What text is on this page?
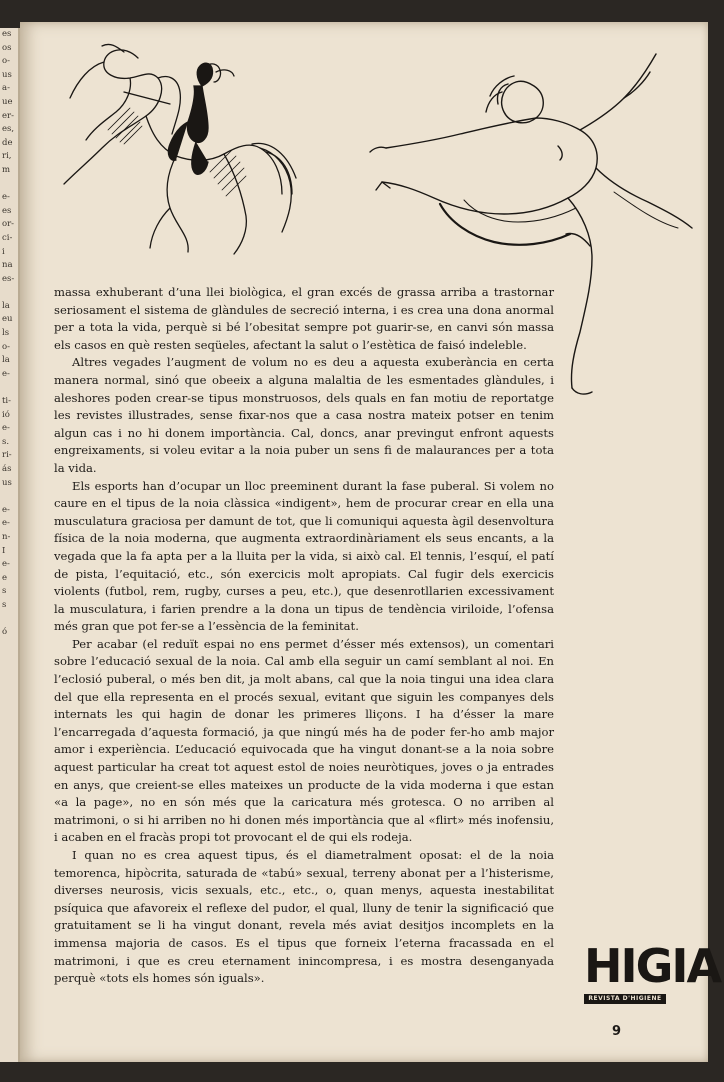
es
os
o-
us
a-
ue
er-
es,
de
ri,
m

e-
es
or-
ci-
i
na
es-

la
eu
ls
o-
la
e-

ti-
ió
e-
s.
ri-
ás
us

e-
e-
n-
I
e-
e
s
s

ó

massa exhuberant d’una llei biològica, el gran excés de grassa arriba a trastornar seriosament el sistema de glàndules de secreció interna, i es crea una dona anormal per a tota la vida, perquè si bé l’obesitat sempre pot guarir-se, en canvi són massa els casos en què resten seqüeles, afectant la salut o l’estètica de faisó indeleble.

Altres vegades l’augment de volum no es deu a aquesta exuberància en certa manera normal, sinó que obeeix a alguna malaltia de les esmentades glàndules, i aleshores poden crear-se tipus monstruosos, dels quals en fan motiu de reportatge les revistes illustrades, sense fixar-nos que a casa nostra mateix potser en tenim algun cas i no hi donem importància. Cal, doncs, anar previngut enfront aquests engreixaments, si voleu evitar a la noia puber un sens fi de malaurances per a tota la vida.

Els esports han d’ocupar un lloc preeminent durant la fase puberal. Si volem no caure en el tipus de la noia clàssica «indigent», hem de procurar crear en ella una musculatura graciosa per damunt de tot, que li comuniqui aquesta àgil desenvoltura física de la noia moderna, que augmenta extraordinàriament els seus encants, a la vegada que la fa apta per a la lluita per la vida, si això cal. El tennis, l’esquí, el patí de pista, l’equitació, etc., són exercicis molt apropiats. Cal fugir dels exercicis violents (futbol, rem, rugby, curses a peu, etc.), que desenrotllarien excessivament la musculatura, i farien prendre a la dona un tipus de tendència viriloide, l’ofensa més gran que pot fer-se a l’essència de la feminitat.

Per acabar (el reduït espai no ens permet d’ésser més extensos), un comentari sobre l’educació sexual de la noia. Cal amb ella seguir un camí semblant al noi. En l’eclosió puberal, o més ben dit, ja molt abans, cal que la noia tingui una idea clara del que ella representa en el procés sexual, evitant que siguin les companyes dels internats les qui hagin de donar les primeres lliçons. I ha d’ésser la mare l’encarregada d’aquesta formació, ja que ningú més ha de poder fer-ho amb major amor i experiència. L’educació equivocada que ha vingut donant-se a la noia sobre aquest particular ha creat tot aquest estol de noies neuròtiques, joves o ja entrades en anys, que creient-se elles mateixes un producte de la vida moderna i que estan «a la page», no en són més que la caricatura més grotesca. O no arriben al matrimoni, o si hi arriben no hi donen més importància que al «flirt» més inofensiu, i acaben en el fracàs propi tot provocant el de qui els rodeja.

I quan no es crea aquest tipus, és el diametralment oposat: el de la noia temorenca, hipòcrita, saturada de «tabú» sexual, terreny abonat per a l’histerisme, diverses neurosis, vicis sexuals, etc., etc., o, quan menys, aquesta inestabilitat psíquica que afavoreix el reflexe del pudor, el qual, lluny de tenir la significació que gratuitament se li ha vingut donant, revela més aviat desitjos incomplets en la immensa majoria de casos. Es el tipus que forneix l’eterna fracassada en el matrimoni, i que es creu eternament inincompresa, i es mostra desenganyada perquè «tots els homes són iguals».	HIGIA
REVISTA D'HIGIENE
9
